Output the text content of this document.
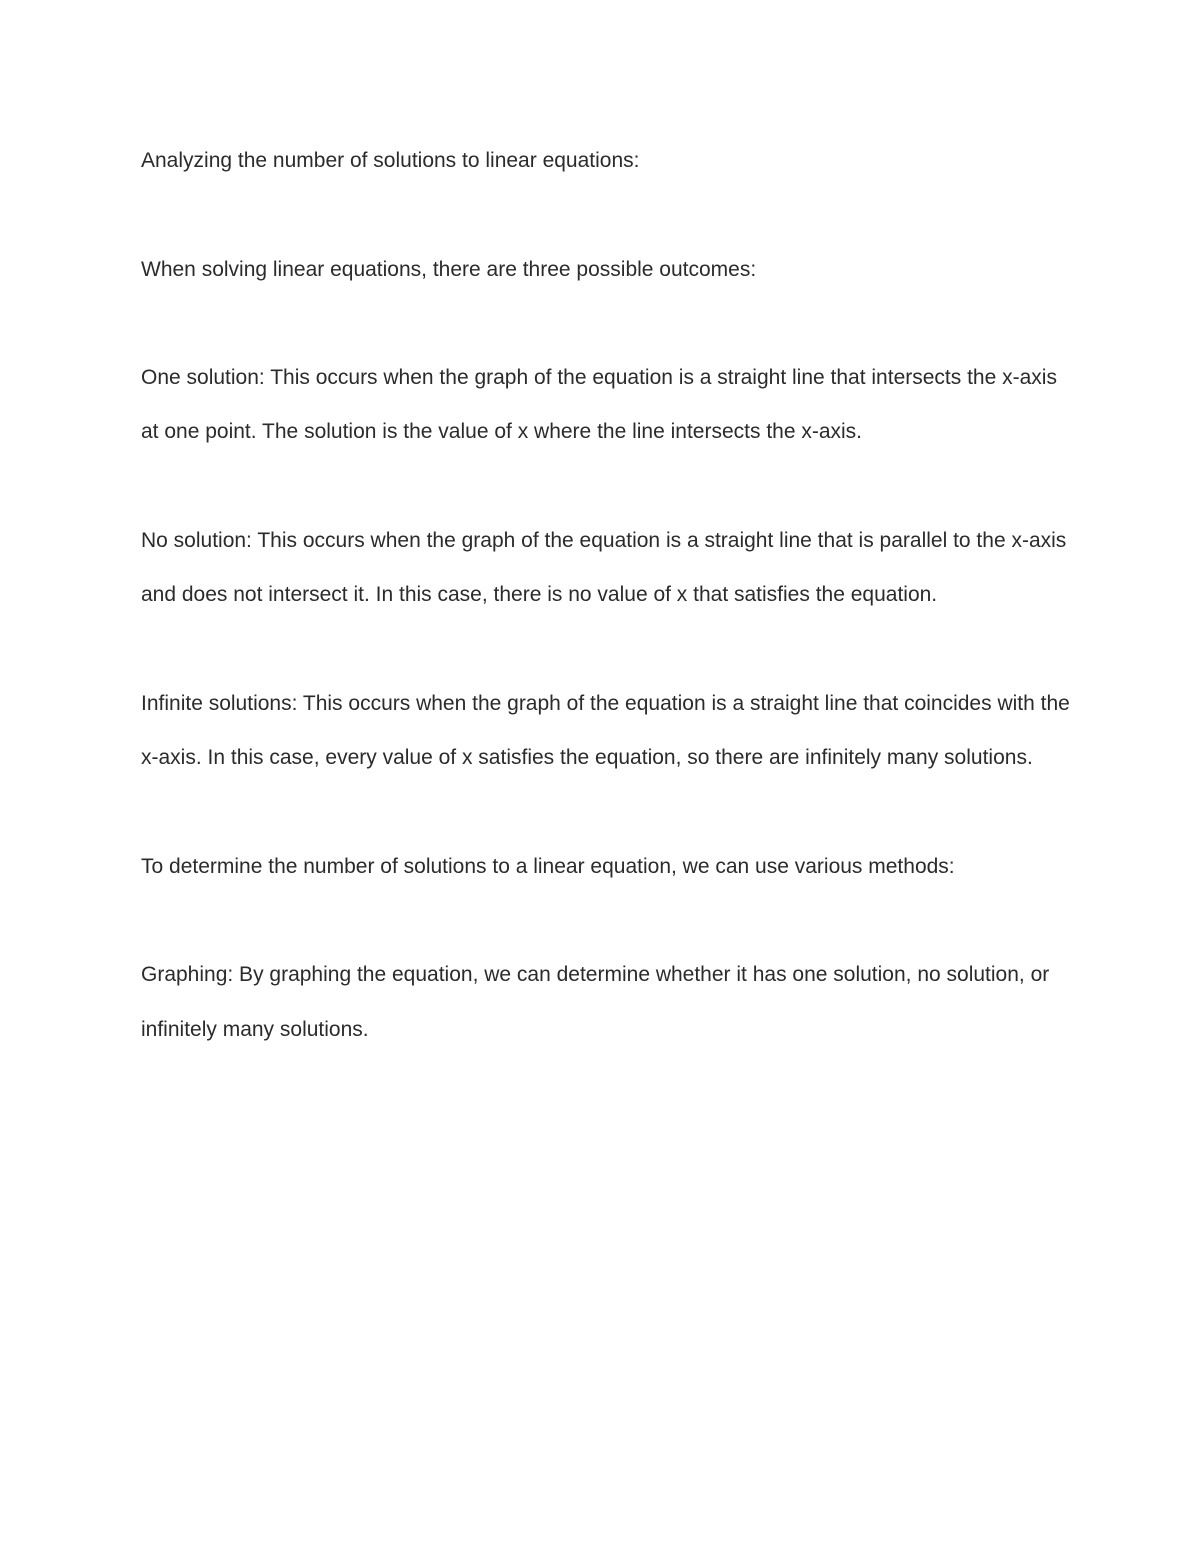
Analyzing the number of solutions to linear equations:

When solving linear equations, there are three possible outcomes:

One solution: This occurs when the graph of the equation is a straight line that intersects the x-axis at one point. The solution is the value of x where the line intersects the x-axis.

No solution: This occurs when the graph of the equation is a straight line that is parallel to the x-axis and does not intersect it. In this case, there is no value of x that satisfies the equation.

Infinite solutions: This occurs when the graph of the equation is a straight line that coincides with the x-axis. In this case, every value of x satisfies the equation, so there are infinitely many solutions.

To determine the number of solutions to a linear equation, we can use various methods:

Graphing: By graphing the equation, we can determine whether it has one solution, no solution, or infinitely many solutions.
